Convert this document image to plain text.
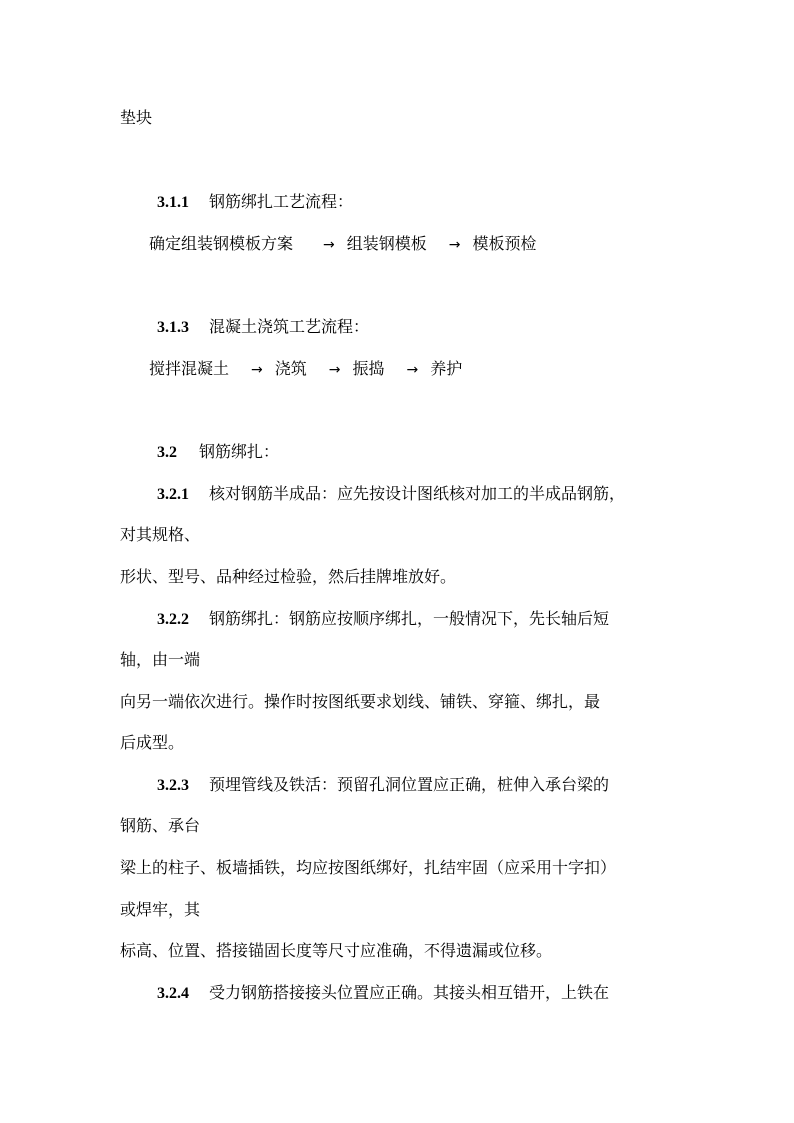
垫块
3.1.1 钢筋绑扎工艺流程：
确定组装钢模板方案 → 组装钢模板 → 模板预检
3.1.3 混凝土浇筑工艺流程：
搅拌混凝土 → 浇筑 → 振捣 → 养护
3.2 钢筋绑扎：
3.2.1 核对钢筋半成品：应先按设计图纸核对加工的半成品钢筋，
对其规格、
形状、型号、品种经过检验，然后挂牌堆放好。
3.2.2 钢筋绑扎：钢筋应按顺序绑扎，一般情况下，先长轴后短
轴，由一端
向另一端依次进行。操作时按图纸要求划线、铺铁、穿箍、绑扎，最
后成型。
3.2.3 预埋管线及铁活：预留孔洞位置应正确，桩伸入承台梁的
钢筋、承台
梁上的柱子、板墙插铁，均应按图纸绑好，扎结牢固（应采用十字扣）
或焊牢，其
标高、位置、搭接锚固长度等尺寸应准确，不得遗漏或位移。
3.2.4 受力钢筋搭接接头位置应正确。其接头相互错开，上铁在
